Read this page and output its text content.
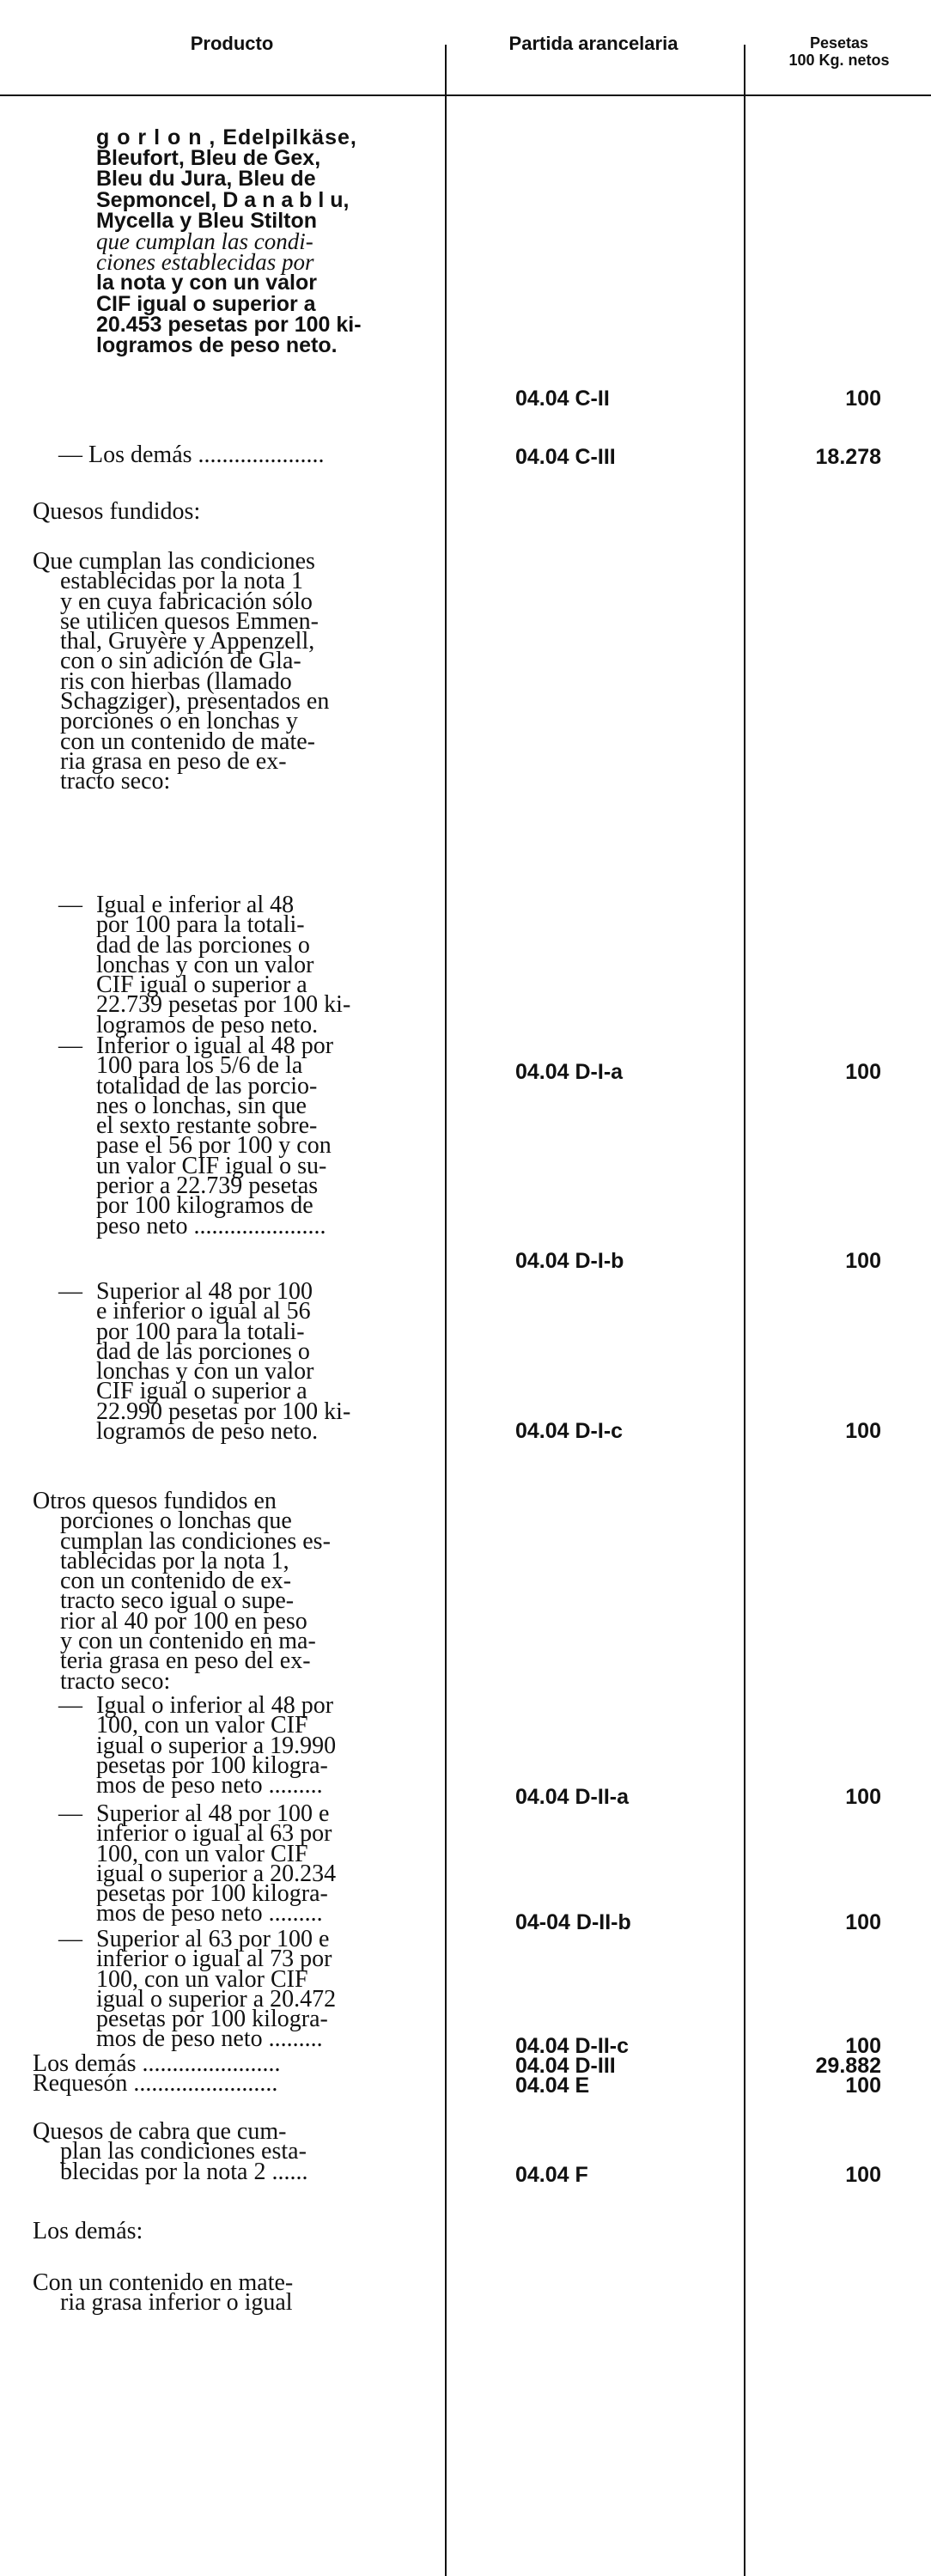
Producto	Partida arancelaria	Pesetas
100 Kg. netos
g o r l o n , Edelpilkäse,
Bleufort, Bleu de Gex,
Bleu du Jura, Bleu de
Sepmoncel, D a n a b l u,
Mycella y Bleu Stilton
que cumplan las condi-
ciones establecidas por
la nota y con un valor
CIF igual o superior a
20.453 pesetas por 100 ki-
logramos de peso neto.
04.04 C-II	100
— Los demás .....................	04.04 C-III	18.278
Quesos fundidos:
Que cumplan las condiciones
establecidas por la nota 1
y en cuya fabricación sólo
se utilicen quesos Emmen-
thal, Gruyère y Appenzell,
con o sin adición de Gla-
ris con hierbas (llamado
Schagziger), presentados en
porciones o en lonchas y
con un contenido de mate-
ria grasa en peso de ex-
tracto seco:
— Igual e inferior al 48
por 100 para la totali-
dad de las porciones o
lonchas y con un valor
CIF igual o superior a
22.739 pesetas por 100 ki-
logramos de peso neto.
04.04 D-I-a	100
— Inferior o igual al 48 por
100 para los 5/6 de la
totalidad de las porcio-
nes o lonchas, sin que
el sexto restante sobre-
pase el 56 por 100 y con
un valor CIF igual o su-
perior a 22.739 pesetas
por 100 kilogramos de
peso neto ......................
04.04 D-I-b	100
— Superior al 48 por 100
e inferior o igual al 56
por 100 para la totali-
dad de las porciones o
lonchas y con un valor
CIF igual o superior a
22.990 pesetas por 100 ki-
logramos de peso neto.	04.04 D-I-c	100
Otros quesos fundidos en
porciones o lonchas que
cumplan las condiciones es-
tablecidas por la nota 1,
con un contenido de ex-
tracto seco igual o supe-
rior al 40 por 100 en peso
y con un contenido en ma-
teria grasa en peso del ex-
tracto seco:
— Igual o inferior al 48 por
100, con un valor CIF
igual o superior a 19.990
pesetas por 100 kilogra-
mos de peso neto .........	04.04 D-II-a	100
— Superior al 48 por 100 e
inferior o igual al 63 por
100, con un valor CIF
igual o superior a 20.234
pesetas por 100 kilogra-
mos de peso neto .........	04-04 D-II-b	100
— Superior al 63 por 100 e
inferior o igual al 73 por
100, con un valor CIF
igual o superior a 20.472
pesetas por 100 kilogra-
mos de peso neto .........	04.04 D-II-c	100
Los demás .......................	04.04 D-III	29.882
Requesón ........................	04.04 E	100
Quesos de cabra que cum-
plan las condiciones esta-
blecidas por la nota 2 ......	04.04 F	100
Los demás:
Con un contenido en mate-
ria grasa inferior o igual
